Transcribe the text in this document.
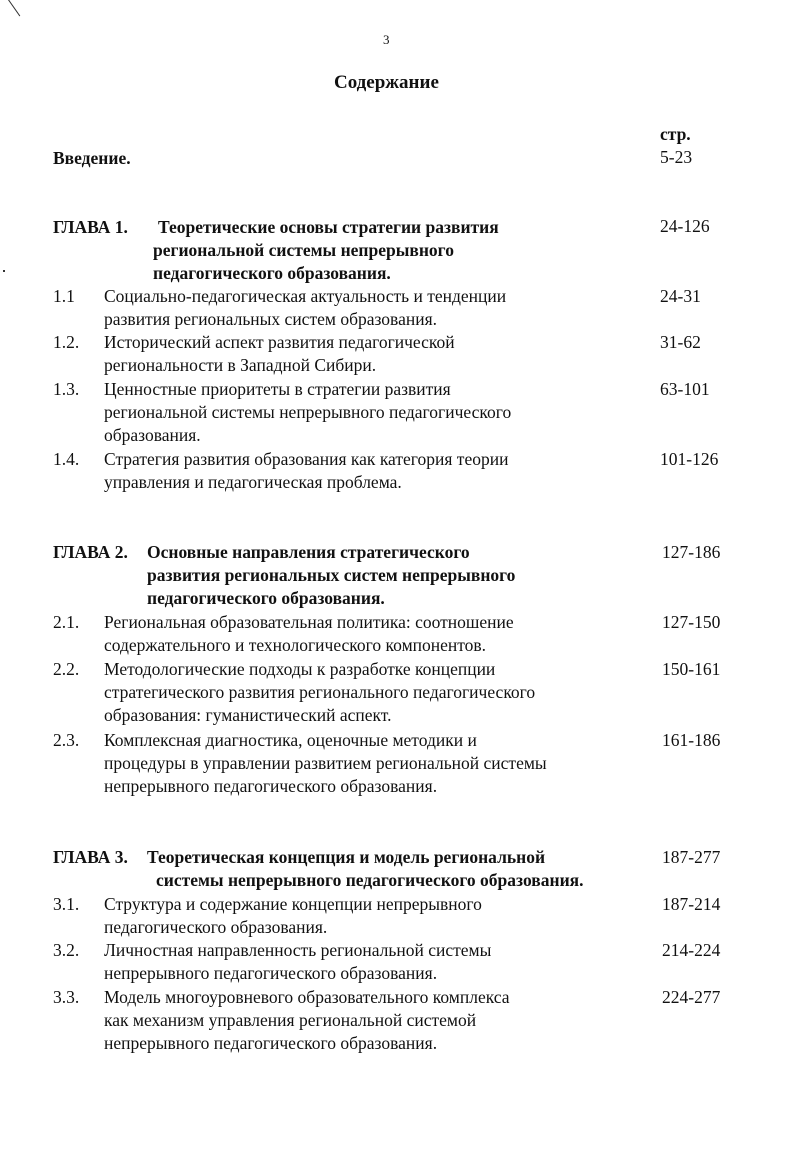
3
Содержание
стр.
Введение.	5-23
ГЛАВА 1. Теоретические основы стратегии развития
региональной системы непрерывного
педагогического образования.
24-126
1.1 Социально-педагогическая актуальность и тенденции
развития региональных систем образования.
24-31
1.2. Исторический аспект развития педагогической
региональности в Западной Сибири.
31-62
1.3. Ценностные приоритеты в стратегии развития
региональной системы непрерывного педагогического
образования.
63-101
1.4. Стратегия развития образования как категория теории
управления и педагогическая проблема.
101-126
ГЛАВА 2. Основные направления стратегического
развития региональных систем непрерывного
педагогического образования.
127-186
2.1. Региональная образовательная политика: соотношение
содержательного и технологического компонентов.
127-150
2.2. Методологические подходы к разработке концепции
стратегического развития регионального педагогического
образования: гуманистический аспект.
150-161
2.3. Комплексная диагностика, оценочные методики и
процедуры в управлении развитием региональной системы
непрерывного педагогического образования.
161-186
ГЛАВА 3. Теоретическая концепция и модель региональной
системы непрерывного педагогического образования.
187-277
3.1. Структура и содержание концепции непрерывного
педагогического образования.
187-214
3.2. Личностная направленность региональной системы
непрерывного педагогического образования.
214-224
3.3. Модель многоуровневого образовательного комплекса
как механизм управления региональной системой
непрерывного педагогического образования.
224-277
